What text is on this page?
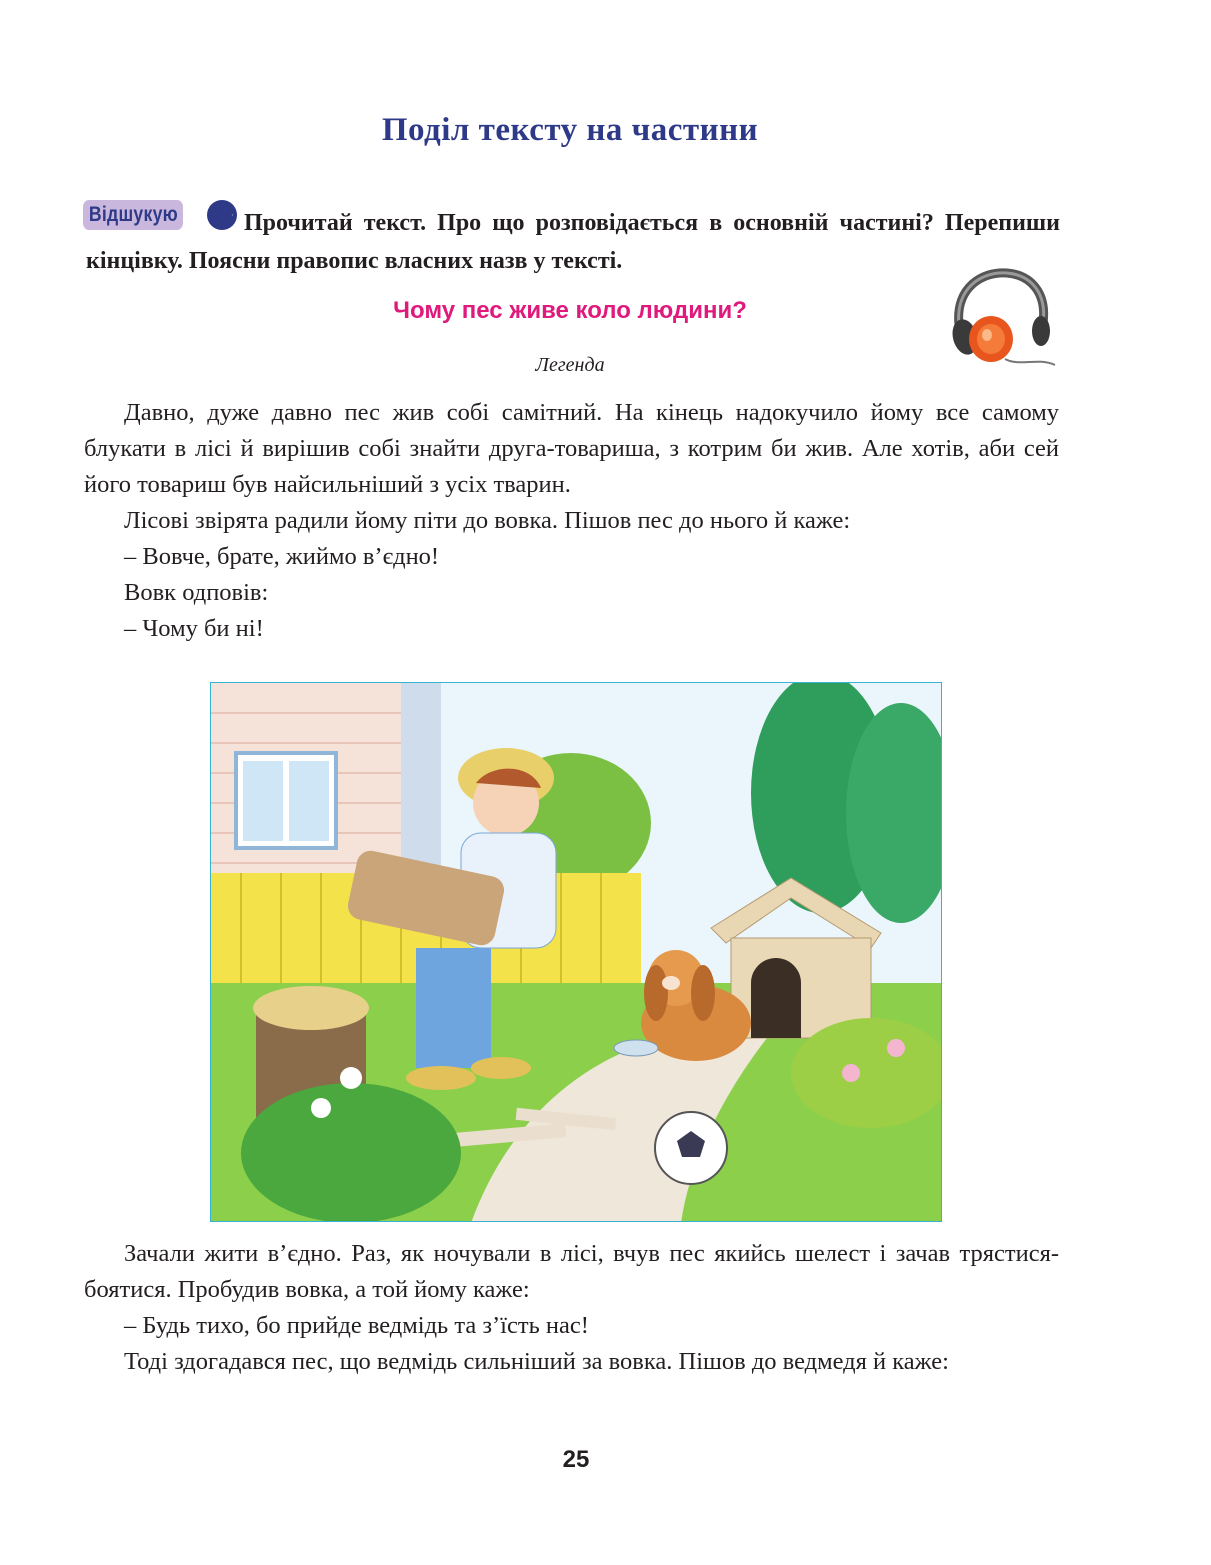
Поділ тексту на частини
Відшукую	Прочитай текст. Про що розповідається в основній частині? Перепиши кінцівку. Поясни правопис власних назв у тексті.
Чому пес живе коло людини?
Легенда

Давно, дуже давно пес жив собі самітний. На кінець надокучило йому все самому блукати в лісі й вирішив собі знайти друга-товариша, з котрим би жив. Але хотів, аби сей його товариш був найсильніший з усіх тварин.

Лісові звірята радили йому піти до вовка. Пішов пес до нього й каже:

– Вовче, брате, жиймо в’єдно!

Вовк одповів:

– Чому би ні!

Зачали жити в’єдно. Раз, як ночували в лісі, вчув пес якийсь шелест і зачав трястися-боятися. Пробудив вовка, а той йому каже:

– Будь тихо, бо прийде ведмідь та з’їсть нас!

Тоді здогадався пес, що ведмідь сильніший за вовка. Пішов до ведмедя й каже:

25
